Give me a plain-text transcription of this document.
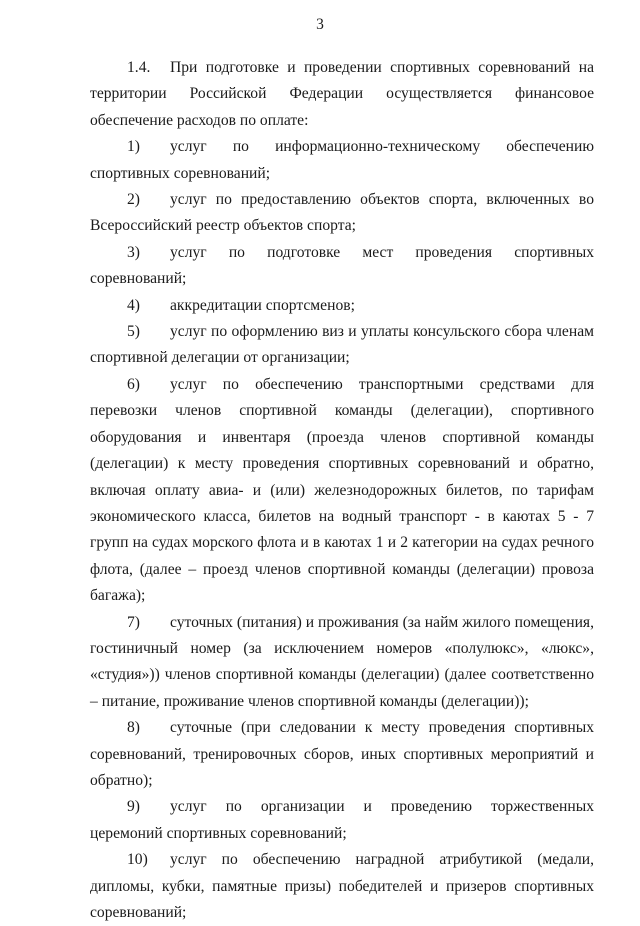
3

1.4. При подготовке и проведении спортивных соревнований на территории Российской Федерации осуществляется финансовое обеспечение расходов по оплате:

1) услуг по информационно-техническому обеспечению спортивных соревнований;

2) услуг по предоставлению объектов спорта, включенных во Всероссийский реестр объектов спорта;

3) услуг по подготовке мест проведения спортивных соревнований;

4) аккредитации спортсменов;

5) услуг по оформлению виз и уплаты консульского сбора членам спортивной делегации от организации;

6) услуг по обеспечению транспортными средствами для перевозки членов спортивной команды (делегации), спортивного оборудования и инвентаря (проезда членов спортивной команды (делегации) к месту проведения спортивных соревнований и обратно, включая оплату авиа- и (или) железнодорожных билетов, по тарифам экономического класса, билетов на водный транспорт - в каютах 5 - 7 групп на судах морского флота и в каютах 1 и 2 категории на судах речного флота, (далее – проезд членов спортивной команды (делегации) провоза багажа);

7) суточных (питания) и проживания (за найм жилого помещения, гостиничный номер (за исключением номеров «полулюкс», «люкс», «студия»)) членов спортивной команды (делегации) (далее соответственно – питание, проживание членов спортивной команды (делегации));

8) суточные (при следовании к месту проведения спортивных соревнований, тренировочных сборов, иных спортивных мероприятий и обратно);

9) услуг по организации и проведению торжественных церемоний спортивных соревнований;

10) услуг по обеспечению наградной атрибутикой (медали, дипломы, кубки, памятные призы) победителей и призеров спортивных соревнований;
